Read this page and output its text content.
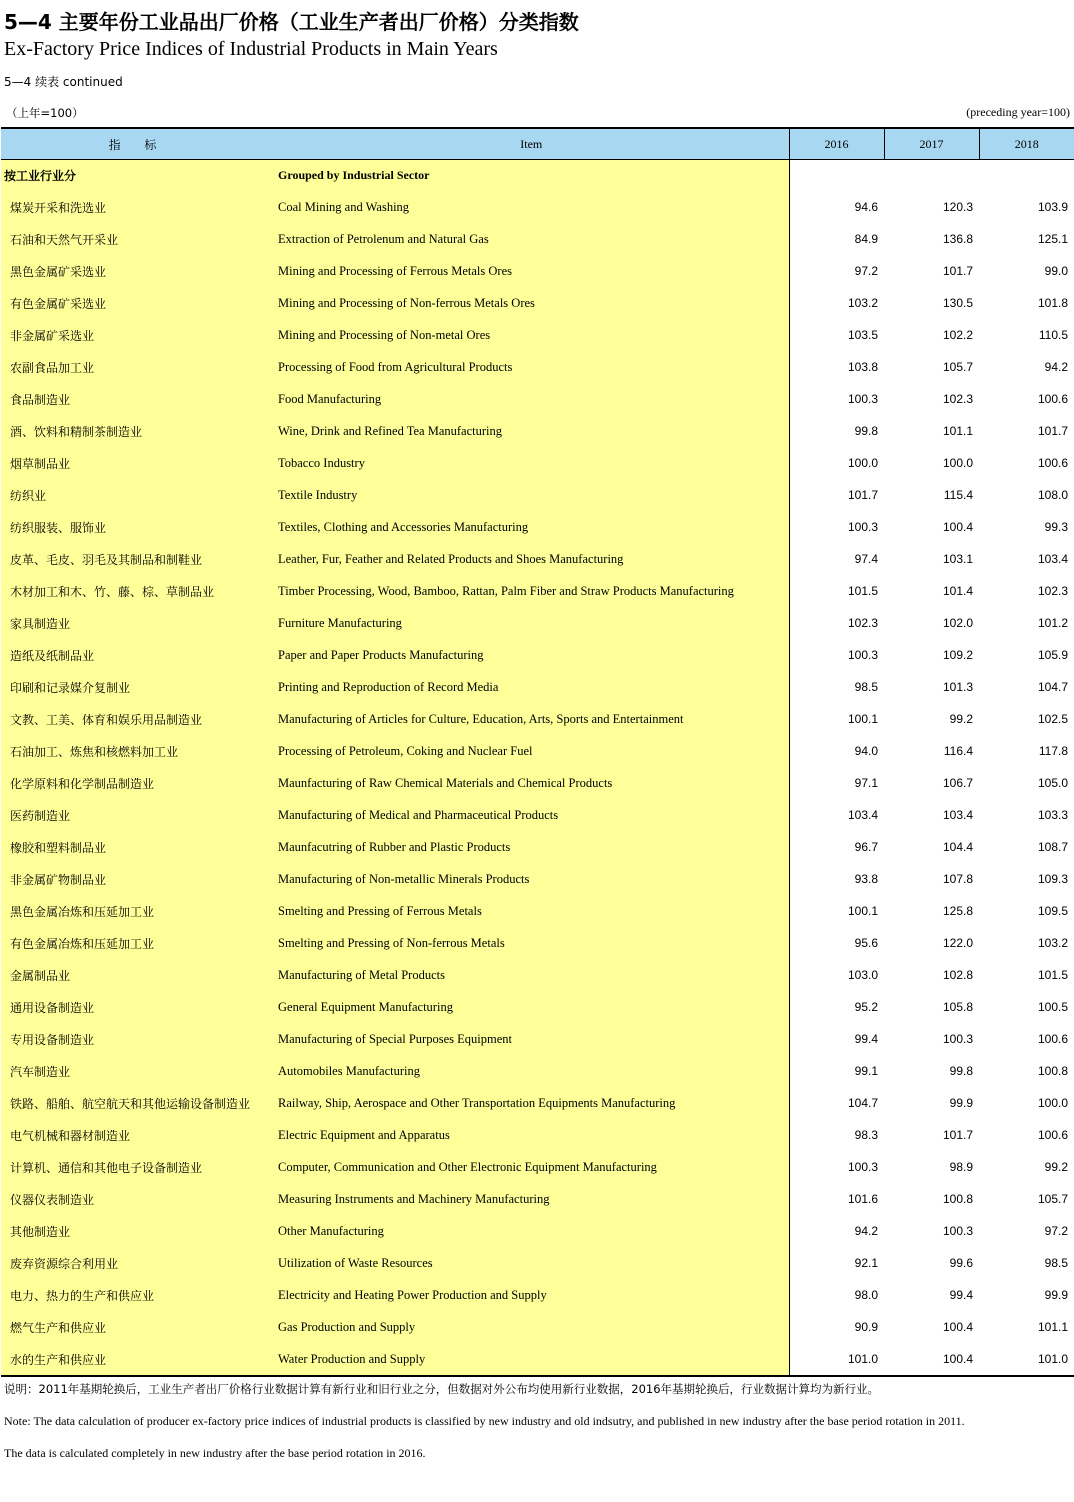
5—4 主要年份工业品出厂价格（工业生产者出厂价格）分类指数
Ex-Factory Price Indices of Industrial Products in Main Years
5—4 续表 continued
（上年=100）	(preceding year=100)
指 标	Item	2016	2017	2018
按工业行业分	Grouped by Industrial Sector			
煤炭开采和洗选业	Coal Mining and Washing	94.6	120.3	103.9
石油和天然气开采业	Extraction of Petrolenum and Natural Gas	84.9	136.8	125.1
黑色金属矿采选业	Mining and Processing of Ferrous Metals Ores	97.2	101.7	99.0
有色金属矿采选业	Mining and Processing of Non-ferrous Metals Ores	103.2	130.5	101.8
非金属矿采选业	Mining and Processing of Non-metal Ores	103.5	102.2	110.5
农副食品加工业	Processing of Food from Agricultural Products	103.8	105.7	94.2
食品制造业	Food Manufacturing	100.3	102.3	100.6
酒、饮料和精制茶制造业	Wine, Drink and Refined Tea Manufacturing	99.8	101.1	101.7
烟草制品业	Tobacco Industry	100.0	100.0	100.6
纺织业	Textile Industry	101.7	115.4	108.0
纺织服装、服饰业	Textiles, Clothing and Accessories Manufacturing	100.3	100.4	99.3
皮革、毛皮、羽毛及其制品和制鞋业	Leather, Fur, Feather and Related Products and Shoes Manufacturing	97.4	103.1	103.4
木材加工和木、竹、藤、棕、草制品业	Timber Processing, Wood, Bamboo, Rattan, Palm Fiber and Straw Products Manufacturing	101.5	101.4	102.3
家具制造业	Furniture Manufacturing	102.3	102.0	101.2
造纸及纸制品业	Paper and Paper Products Manufacturing	100.3	109.2	105.9
印刷和记录媒介复制业	Printing and Reproduction of Record Media	98.5	101.3	104.7
文教、工美、体育和娱乐用品制造业	Manufacturing of Articles for Culture, Education, Arts, Sports and Entertainment	100.1	99.2	102.5
石油加工、炼焦和核燃料加工业	Processing of Petroleum, Coking and Nuclear Fuel	94.0	116.4	117.8
化学原料和化学制品制造业	Maunfacturing of Raw Chemical Materials and Chemical Products	97.1	106.7	105.0
医药制造业	Manufacturing of Medical and Pharmaceutical Products	103.4	103.4	103.3
橡胶和塑料制品业	Maunfacutring of Rubber and Plastic Products	96.7	104.4	108.7
非金属矿物制品业	Manufacturing of Non-metallic Minerals Products	93.8	107.8	109.3
黑色金属冶炼和压延加工业	Smelting and Pressing of Ferrous Metals	100.1	125.8	109.5
有色金属冶炼和压延加工业	Smelting and Pressing of Non-ferrous Metals	95.6	122.0	103.2
金属制品业	Manufacturing of Metal Products	103.0	102.8	101.5
通用设备制造业	General Equipment Manufacturing	95.2	105.8	100.5
专用设备制造业	Manufacturing of Special Purposes Equipment	99.4	100.3	100.6
汽车制造业	Automobiles Manufacturing	99.1	99.8	100.8
铁路、船舶、航空航天和其他运输设备制造业	Railway, Ship, Aerospace and Other Transportation Equipments Manufacturing	104.7	99.9	100.0
电气机械和器材制造业	Electric Equipment and Apparatus	98.3	101.7	100.6
计算机、通信和其他电子设备制造业	Computer, Communication and Other Electronic Equipment Manufacturing	100.3	98.9	99.2
仪器仪表制造业	Measuring Instruments and Machinery Manufacturing	101.6	100.8	105.7
其他制造业	Other Manufacturing	94.2	100.3	97.2
废弃资源综合利用业	Utilization of Waste Resources	92.1	99.6	98.5
电力、热力的生产和供应业	Electricity and Heating Power Production and Supply	98.0	99.4	99.9
燃气生产和供应业	Gas Production and Supply	90.9	100.4	101.1
水的生产和供应业	Water Production and Supply	101.0	100.4	101.0
说明：2011年基期轮换后，工业生产者出厂价格行业数据计算有新行业和旧行业之分，但数据对外公布均使用新行业数据，2016年基期轮换后，行业数据计算均为新行业。
Note: The data calculation of producer ex-factory price indices of industrial products is classified by new industry and old indsutry, and published in new industry after the base period rotation in 2011.
The data is calculated completely in new industry after the base period rotation in 2016.
